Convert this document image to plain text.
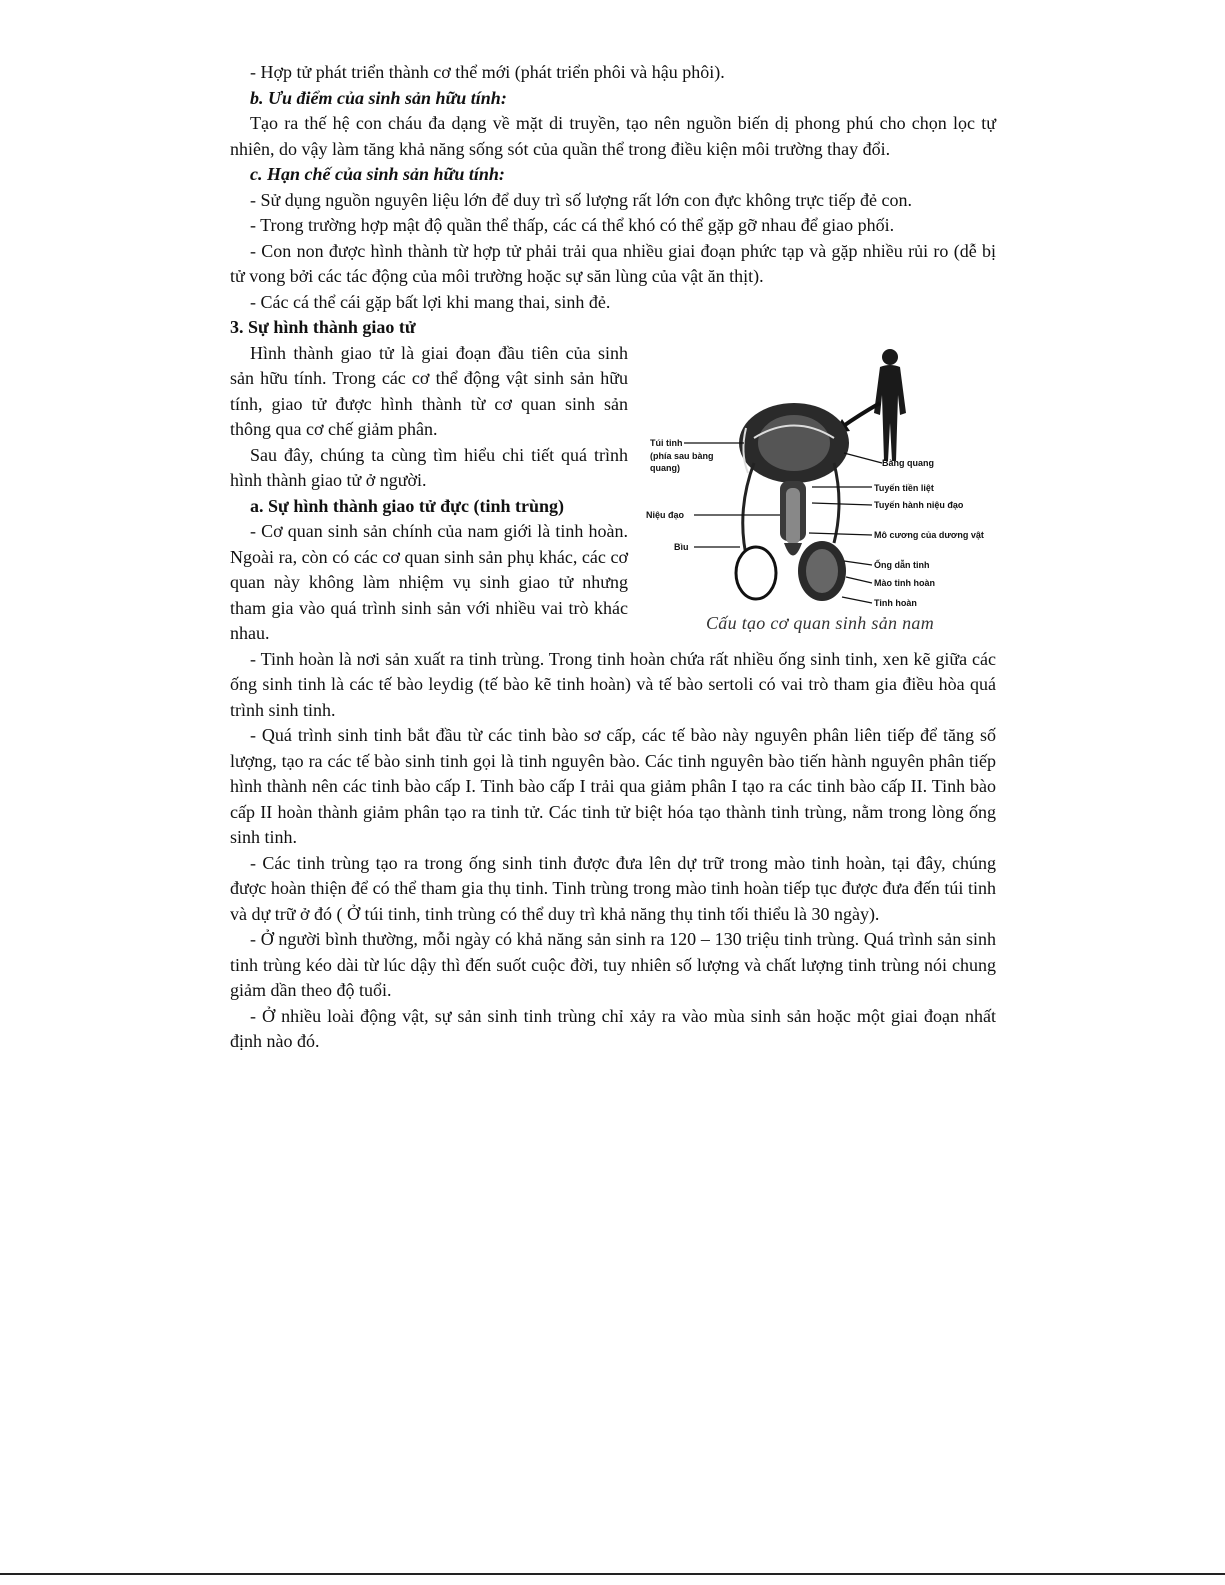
- Hợp tử phát triển thành cơ thể mới (phát triển phôi và hậu phôi).

b. Ưu điểm của sinh sản hữu tính:

Tạo ra thế hệ con cháu đa dạng về mặt di truyền, tạo nên nguồn biến dị phong phú cho chọn lọc tự nhiên, do vậy làm tăng khả năng sống sót của quần thể trong điều kiện môi trường thay đổi.

c. Hạn chế của sinh sản hữu tính:

- Sử dụng nguồn nguyên liệu lớn để duy trì số lượng rất lớn con đực không trực tiếp đẻ con.

- Trong trường hợp mật độ quần thể thấp, các cá thể khó có thể gặp gỡ nhau để giao phối.

- Con non được hình thành từ hợp tử phải trải qua nhiều giai đoạn phức tạp và gặp nhiều rủi ro (dễ bị tử vong bởi các tác động của môi trường hoặc sự săn lùng của vật ăn thịt).

- Các cá thể cái gặp bất lợi khi mang thai, sinh đẻ.

3. Sự hình thành giao tử

Hình thành giao tử là giai đoạn đầu tiên của sinh sản hữu tính. Trong các cơ thể động vật sinh sản hữu tính, giao tử được hình thành từ cơ quan sinh sản thông qua cơ chế giảm phân.

Sau đây, chúng ta cùng tìm hiểu chi tiết quá trình hình thành giao tử ở người.

a. Sự hình thành giao tử đực (tinh trùng)

- Cơ quan sinh sản chính của nam giới là tinh hoàn. Ngoài ra, còn có các cơ quan sinh sản phụ khác, các cơ quan này không làm nhiệm vụ sinh giao tử nhưng tham gia vào quá trình sinh sản với nhiều vai trò khác nhau.

Túi tinh
(phía sau bàng
quang)	Bàng quang
Tuyến tiền liệt
Tuyến hành niệu đạo
Niệu đạo
Mô cương của dương vật
Bìu
Ống dẫn tinh
Mào tinh hoàn
Tinh hoàn
Cấu tạo cơ quan sinh sản nam

- Tinh hoàn là nơi sản xuất ra tinh trùng. Trong tinh hoàn chứa rất nhiều ống sinh tinh, xen kẽ giữa các ống sinh tinh là các tế bào leydig (tế bào kẽ tinh hoàn) và tế bào sertoli có vai trò tham gia điều hòa quá trình sinh tinh.

- Quá trình sinh tinh bắt đầu từ các tinh bào sơ cấp, các tế bào này nguyên phân liên tiếp để tăng số lượng, tạo ra các tế bào sinh tinh gọi là tinh nguyên bào. Các tinh nguyên bào tiến hành nguyên phân tiếp hình thành nên các tinh bào cấp I. Tinh bào cấp I trải qua giảm phân I tạo ra các tinh bào cấp II. Tinh bào cấp II hoàn thành giảm phân tạo ra tinh tử. Các tinh tử biệt hóa tạo thành tinh trùng, nằm trong lòng ống sinh tinh.

- Các tinh trùng tạo ra trong ống sinh tinh được đưa lên dự trữ trong mào tinh hoàn, tại đây, chúng được hoàn thiện để có thể tham gia thụ tinh. Tinh trùng trong mào tinh hoàn tiếp tục được đưa đến túi tinh và dự trữ ở đó ( Ở túi tinh, tinh trùng có thể duy trì khả năng thụ tinh tối thiểu là 30 ngày).

- Ở người bình thường, mỗi ngày có khả năng sản sinh ra 120 – 130 triệu tinh trùng. Quá trình sản sinh tinh trùng kéo dài từ lúc dậy thì đến suốt cuộc đời, tuy nhiên số lượng và chất lượng tinh trùng nói chung giảm dần theo độ tuổi.

- Ở nhiều loài động vật, sự sản sinh tinh trùng chỉ xảy ra vào mùa sinh sản hoặc một giai đoạn nhất định nào đó.
